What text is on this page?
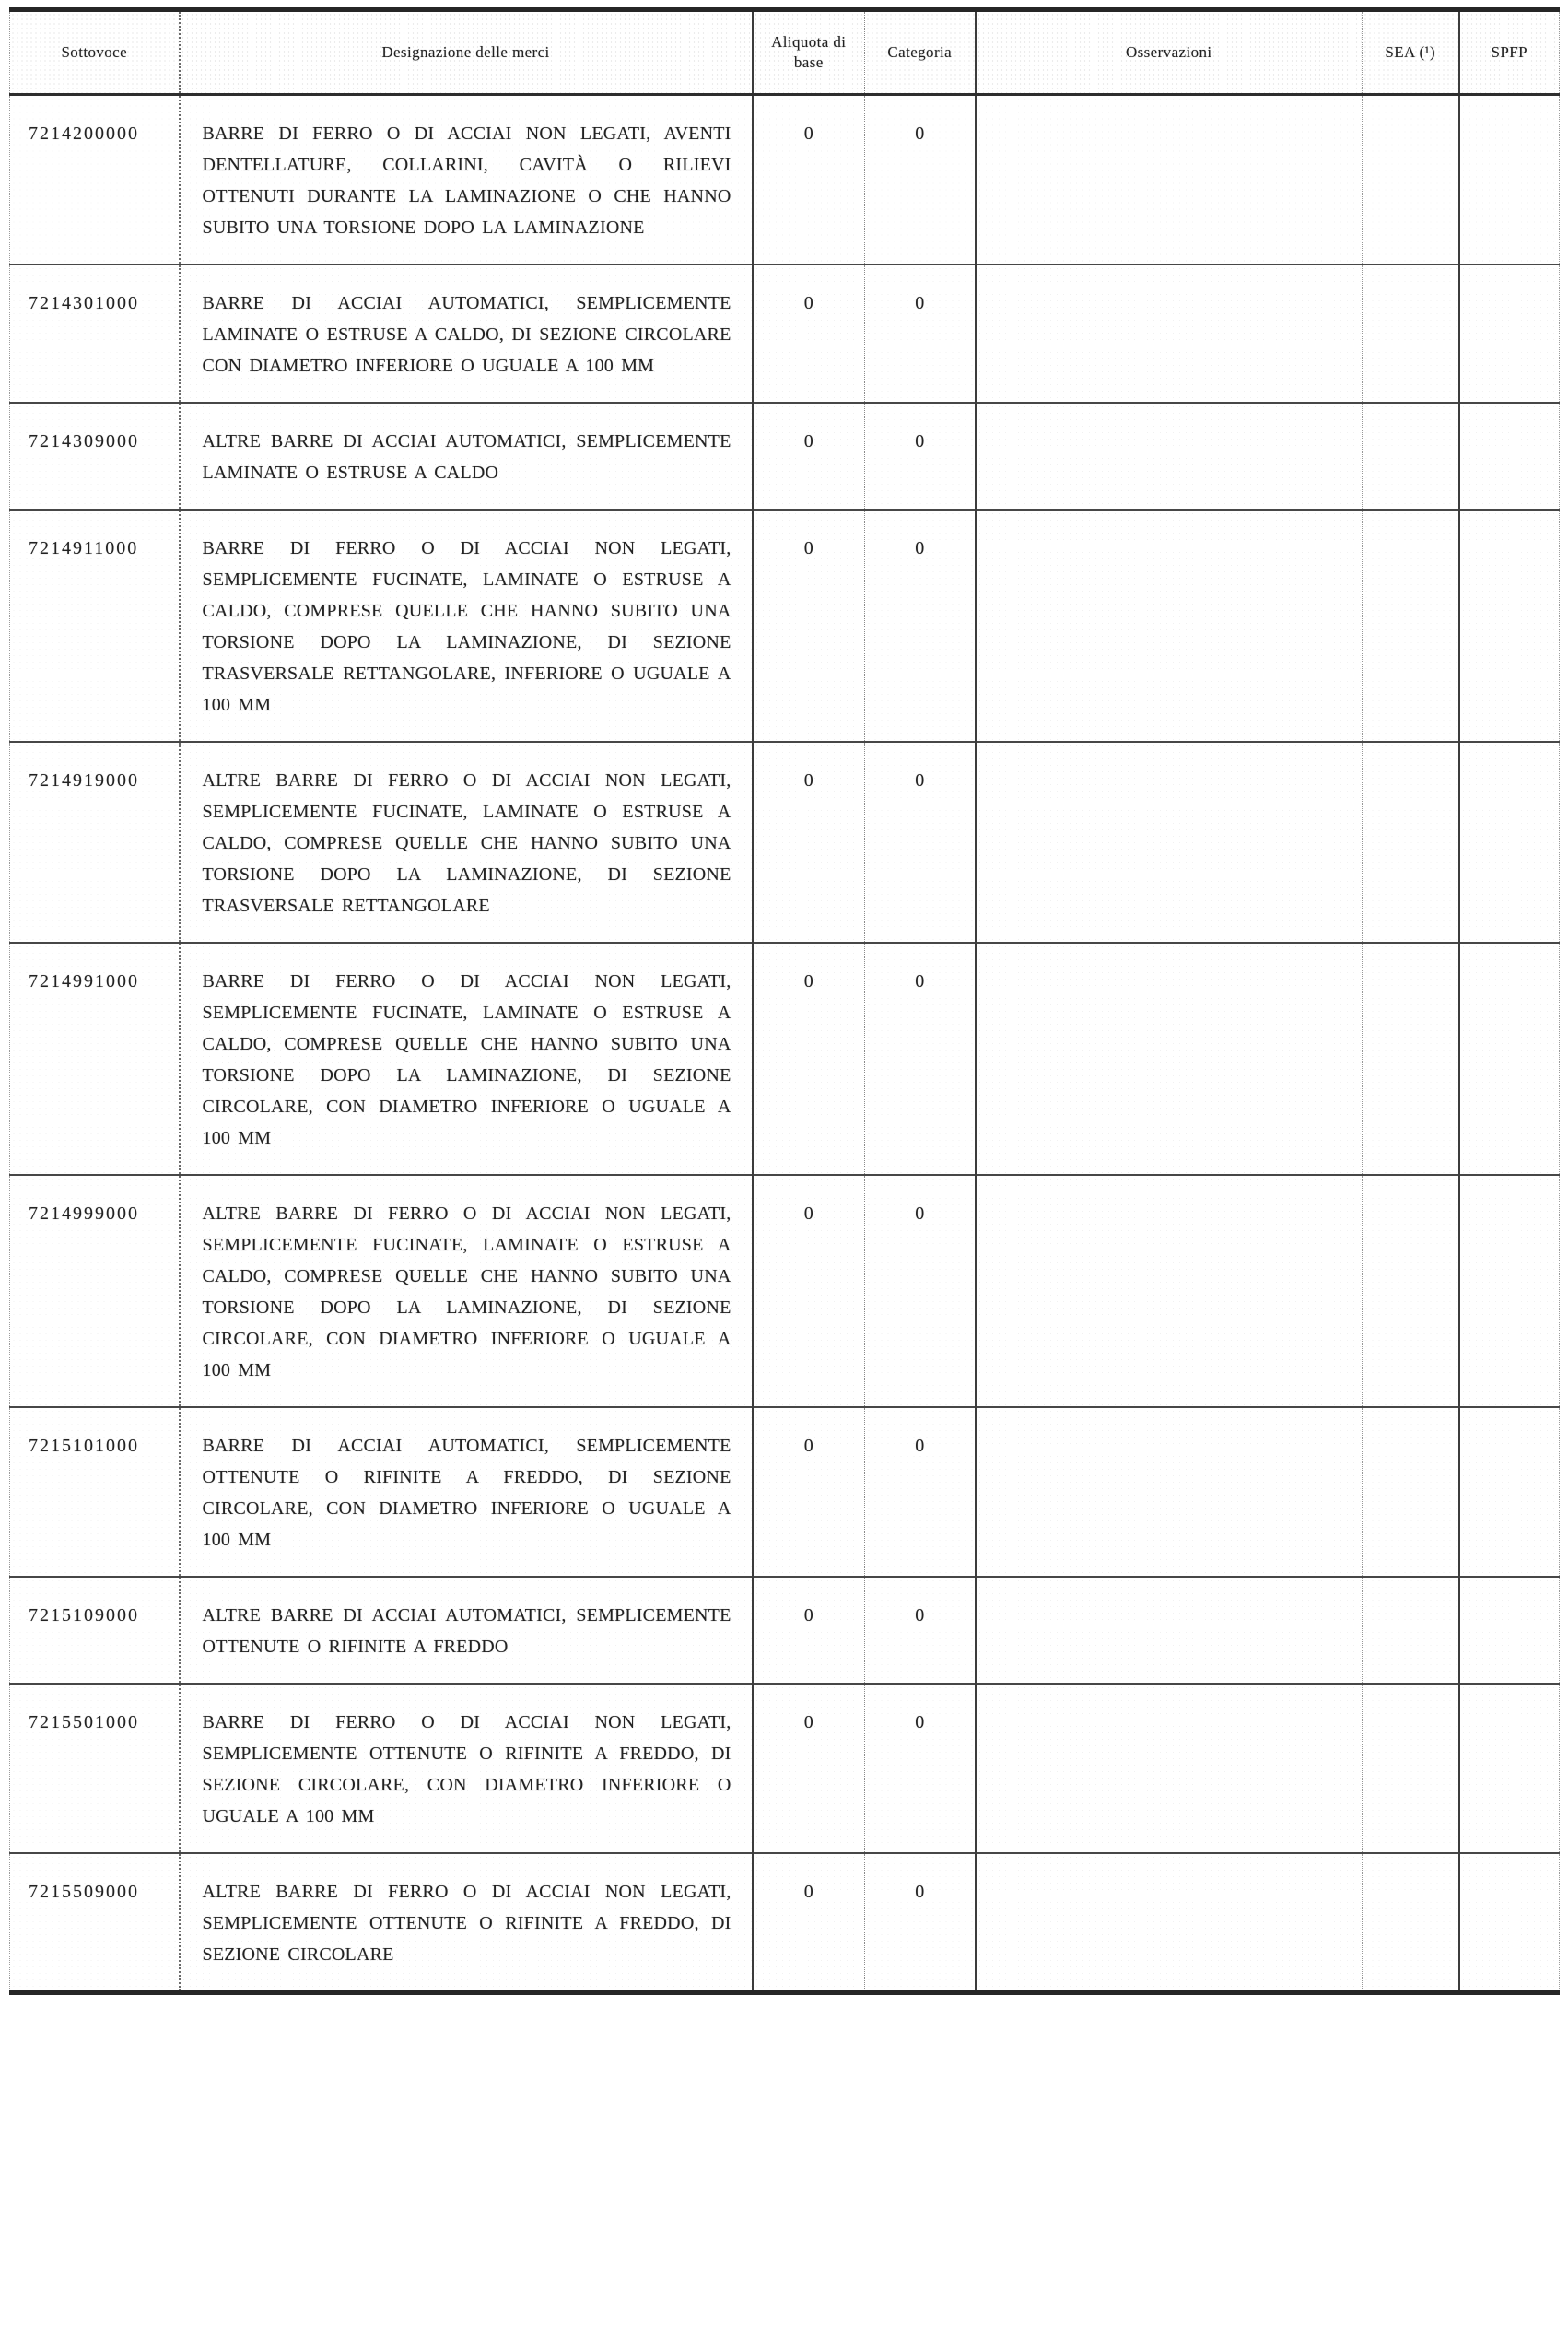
Sottovoce	Designazione delle merci	Aliquota di base	Categoria	Osservazioni	SEA (¹)	SPFP
7214200000	BARRE DI FERRO O DI ACCIAI NON LEGATI, AVENTI DENTELLATURE, COLLARINI, CAVITÀ O RILIEVI OTTENUTI DURANTE LA LAMINAZIONE O CHE HANNO SUBITO UNA TORSIONE DOPO LA LAMINAZIONE	0	0			
7214301000	BARRE DI ACCIAI AUTOMATICI, SEMPLICEMENTE LAMINATE O ESTRUSE A CALDO, DI SEZIONE CIRCOLARE CON DIAMETRO INFERIORE O UGUALE A 100 MM	0	0			
7214309000	ALTRE BARRE DI ACCIAI AUTOMATICI, SEMPLICEMENTE LAMINATE O ESTRUSE A CALDO	0	0			
7214911000	BARRE DI FERRO O DI ACCIAI NON LEGATI, SEMPLICEMENTE FUCINATE, LAMINATE O ESTRUSE A CALDO, COMPRESE QUELLE CHE HANNO SUBITO UNA TORSIONE DOPO LA LAMINAZIONE, DI SEZIONE TRASVERSALE RETTANGOLARE, INFERIORE O UGUALE A 100 MM	0	0			
7214919000	ALTRE BARRE DI FERRO O DI ACCIAI NON LEGATI, SEMPLICEMENTE FUCINATE, LAMINATE O ESTRUSE A CALDO, COMPRESE QUELLE CHE HANNO SUBITO UNA TORSIONE DOPO LA LAMINAZIONE, DI SEZIONE TRASVERSALE RETTANGOLARE	0	0			
7214991000	BARRE DI FERRO O DI ACCIAI NON LEGATI, SEMPLICEMENTE FUCINATE, LAMINATE O ESTRUSE A CALDO, COMPRESE QUELLE CHE HANNO SUBITO UNA TORSIONE DOPO LA LAMINAZIONE, DI SEZIONE CIRCOLARE, CON DIAMETRO INFERIORE O UGUALE A 100 MM	0	0			
7214999000	ALTRE BARRE DI FERRO O DI ACCIAI NON LEGATI, SEMPLICEMENTE FUCINATE, LAMINATE O ESTRUSE A CALDO, COMPRESE QUELLE CHE HANNO SUBITO UNA TORSIONE DOPO LA LAMINAZIONE, DI SEZIONE CIRCOLARE, CON DIAMETRO INFERIORE O UGUALE A 100 MM	0	0			
7215101000	BARRE DI ACCIAI AUTOMATICI, SEMPLICEMENTE OTTENUTE O RIFINITE A FREDDO, DI SEZIONE CIRCOLARE, CON DIAMETRO INFERIORE O UGUALE A 100 MM	0	0			
7215109000	ALTRE BARRE DI ACCIAI AUTOMATICI, SEMPLICEMENTE OTTENUTE O RIFINITE A FREDDO	0	0			
7215501000	BARRE DI FERRO O DI ACCIAI NON LEGATI, SEMPLICEMENTE OTTENUTE O RIFINITE A FREDDO, DI SEZIONE CIRCOLARE, CON DIAMETRO INFERIORE O UGUALE A 100 MM	0	0			
7215509000	ALTRE BARRE DI FERRO O DI ACCIAI NON LEGATI, SEMPLICEMENTE OTTENUTE O RIFINITE A FREDDO, DI SEZIONE CIRCOLARE	0	0			
